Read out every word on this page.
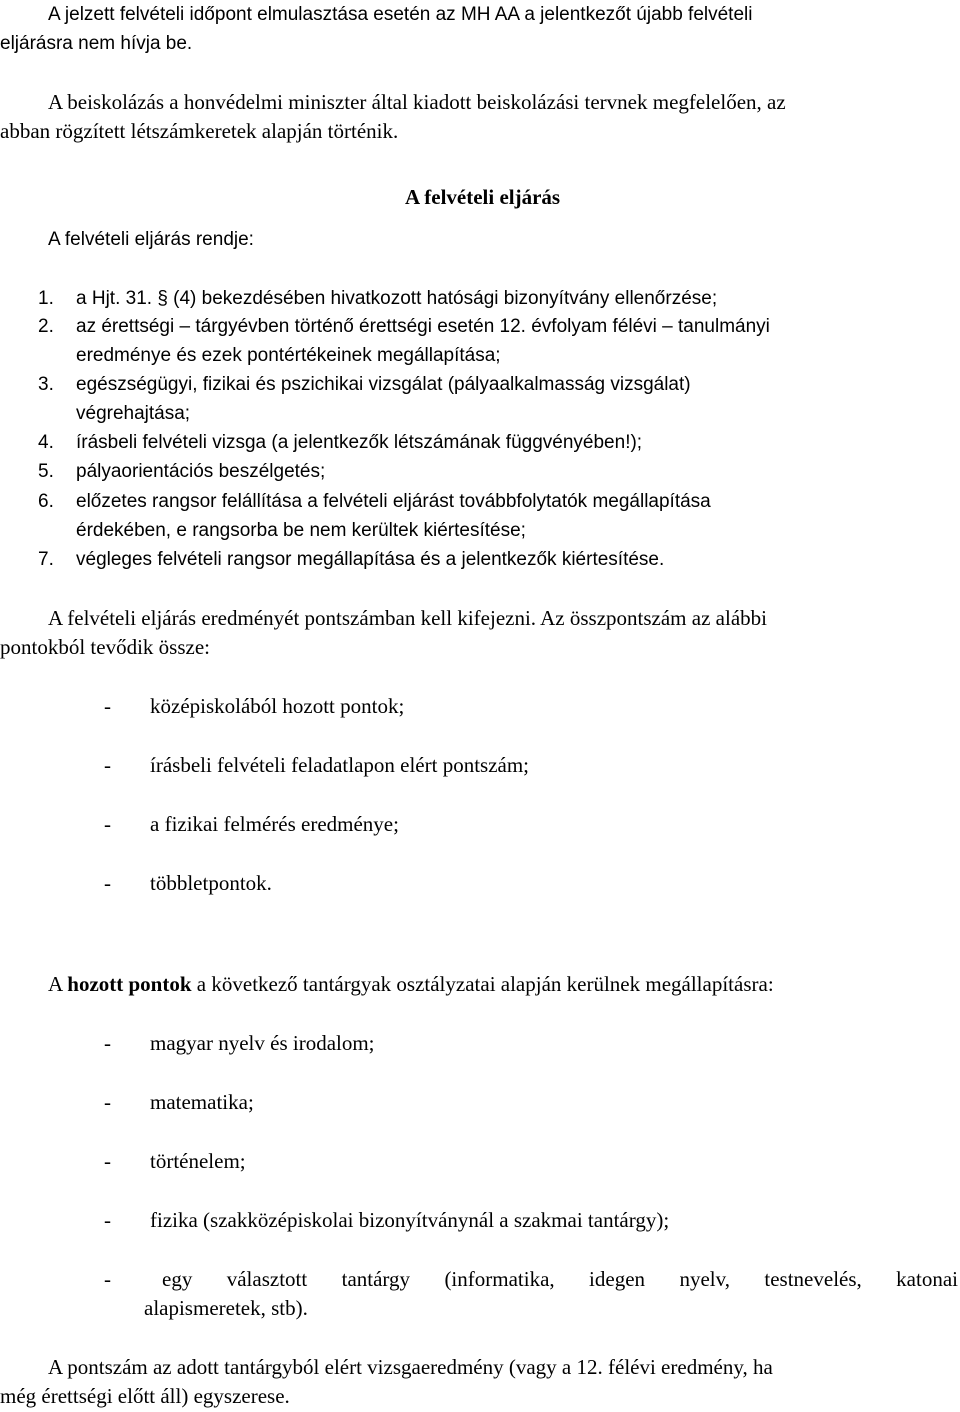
A jelzett felvételi időpont elmulasztása esetén az MH AA a jelentkezőt újabb felvételi
eljárásra nem hívja be.
A beiskolázás a honvédelmi miniszter által kiadott beiskolázási tervnek megfelelően, az
abban rögzített létszámkeretek alapján történik.
A felvételi eljárás
A felvételi eljárás rendje:
1. a Hjt. 31. § (4) bekezdésében hivatkozott hatósági bizonyítvány ellenőrzése;
2. az érettségi – tárgyévben történő érettségi esetén 12. évfolyam félévi – tanulmányi
eredménye és ezek pontértékeinek megállapítása;
3. egészségügyi, fizikai és pszichikai vizsgálat (pályaalkalmasság vizsgálat)
végrehajtása;
4. írásbeli felvételi vizsga (a jelentkezők létszámának függvényében!);
5. pályaorientációs beszélgetés;
6. előzetes rangsor felállítása a felvételi eljárást továbbfolytatók megállapítása
érdekében, e rangsorba be nem kerültek kiértesítése;
7. végleges felvételi rangsor megállapítása és a jelentkezők kiértesítése.
A felvételi eljárás eredményét pontszámban kell kifejezni. Az összpontszám az alábbi
pontokból tevődik össze:
- középiskolából hozott pontok;
- írásbeli felvételi feladatlapon elért pontszám;
- a fizikai felmérés eredménye;
- többletpontok.
A hozott pontok a következő tantárgyak osztályzatai alapján kerülnek megállapításra:
- magyar nyelv és irodalom;
- matematika;
- történelem;
- fizika (szakközépiskolai bizonyítványnál a szakmai tantárgy);
- egy választott tantárgy (informatika, idegen nyelv, testnevelés, katonai
alapismeretek, stb).
A pontszám az adott tantárgyból elért vizsgaeredmény (vagy a 12. félévi eredmény, ha
még érettségi előtt áll) egyszerese.
